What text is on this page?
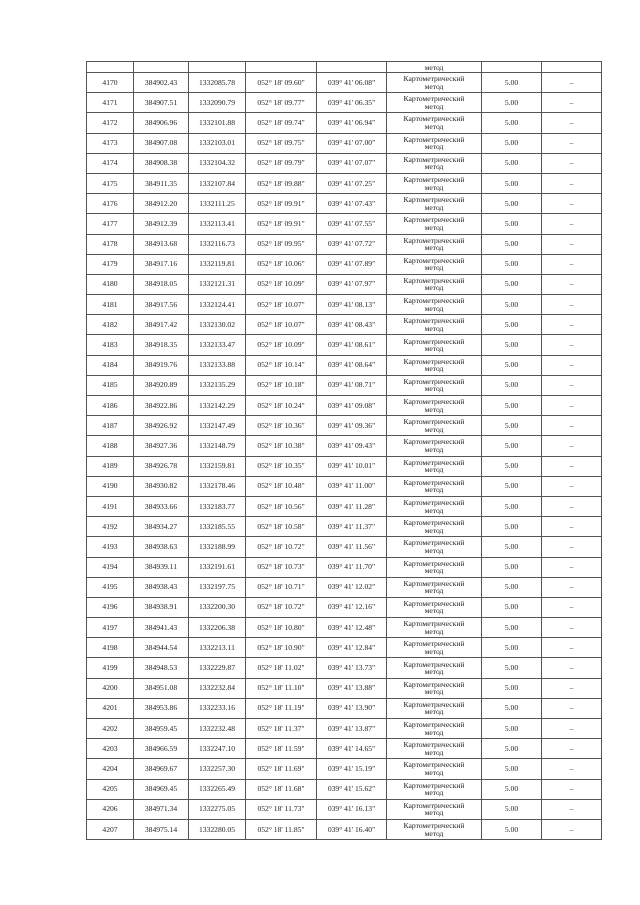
					метод		
4170	384902.43	1332085.78	052° 18' 09.60"	039° 41' 06.08"	Картометрический
метод	5.00	–
4171	384907.51	1332090.79	052° 18' 09.77"	039° 41' 06.35"	Картометрический
метод	5.00	–
4172	384906.96	1332101.88	052° 18' 09.74"	039° 41' 06.94"	Картометрический
метод	5.00	–
4173	384907.08	1332103.01	052° 18' 09.75"	039° 41' 07.00"	Картометрический
метод	5.00	–
4174	384908.38	1332104.32	052° 18' 09.79"	039° 41' 07.07"	Картометрический
метод	5.00	–
4175	384911.35	1332107.84	052° 18' 09.88"	039° 41' 07.25"	Картометрический
метод	5.00	–
4176	384912.20	1332111.25	052° 18' 09.91"	039° 41' 07.43"	Картометрический
метод	5.00	–
4177	384912.39	1332113.41	052° 18' 09.91"	039° 41' 07.55"	Картометрический
метод	5.00	–
4178	384913.68	1332116.73	052° 18' 09.95"	039° 41' 07.72"	Картометрический
метод	5.00	–
4179	384917.16	1332119.81	052° 18' 10.06"	039° 41' 07.89"	Картометрический
метод	5.00	–
4180	384918.05	1332121.31	052° 18' 10.09"	039° 41' 07.97"	Картометрический
метод	5.00	–
4181	384917.56	1332124.41	052° 18' 10.07"	039° 41' 08.13"	Картометрический
метод	5.00	–
4182	384917.42	1332130.02	052° 18' 10.07"	039° 41' 08.43"	Картометрический
метод	5.00	–
4183	384918.35	1332133.47	052° 18' 10.09"	039° 41' 08.61"	Картометрический
метод	5.00	–
4184	384919.76	1332133.88	052° 18' 10.14"	039° 41' 08.64"	Картометрический
метод	5.00	–
4185	384920.89	1332135.29	052° 18' 10.18"	039° 41' 08.71"	Картометрический
метод	5.00	–
4186	384922.86	1332142.29	052° 18' 10.24"	039° 41' 09.08"	Картометрический
метод	5.00	–
4187	384926.92	1332147.49	052° 18' 10.36"	039° 41' 09.36"	Картометрический
метод	5.00	–
4188	384927.36	1332148.79	052° 18' 10.38"	039° 41' 09.43"	Картометрический
метод	5.00	–
4189	384926.78	1332159.81	052° 18' 10.35"	039° 41' 10.01"	Картометрический
метод	5.00	–
4190	384930.82	1332178.46	052° 18' 10.48"	039° 41' 11.00"	Картометрический
метод	5.00	–
4191	384933.66	1332183.77	052° 18' 10.56"	039° 41' 11.28"	Картометрический
метод	5.00	–
4192	384934.27	1332185.55	052° 18' 10.58"	039° 41' 11.37"	Картометрический
метод	5.00	–
4193	384938.63	1332188.99	052° 18' 10.72"	039° 41' 11.56"	Картометрический
метод	5.00	–
4194	384939.11	1332191.61	052° 18' 10.73"	039° 41' 11.70"	Картометрический
метод	5.00	–
4195	384938.43	1332197.75	052° 18' 10.71"	039° 41' 12.02"	Картометрический
метод	5.00	–
4196	384938.91	1332200.30	052° 18' 10.72"	039° 41' 12.16"	Картометрический
метод	5.00	–
4197	384941.43	1332206.38	052° 18' 10.80"	039° 41' 12.48"	Картометрический
метод	5.00	–
4198	384944.54	1332213.11	052° 18' 10.90"	039° 41' 12.84"	Картометрический
метод	5.00	–
4199	384948.53	1332229.87	052° 18' 11.02"	039° 41' 13.73"	Картометрический
метод	5.00	–
4200	384951.08	1332232.84	052° 18' 11.10"	039° 41' 13.88"	Картометрический
метод	5.00	–
4201	384953.86	1332233.16	052° 18' 11.19"	039° 41' 13.90"	Картометрический
метод	5.00	–
4202	384959.45	1332232.48	052° 18' 11.37"	039° 41' 13.87"	Картометрический
метод	5.00	–
4203	384966.59	1332247.10	052° 18' 11.59"	039° 41' 14.65"	Картометрический
метод	5.00	–
4204	384969.67	1332257.30	052° 18' 11.69"	039° 41' 15.19"	Картометрический
метод	5.00	–
4205	384969.45	1332265.49	052° 18' 11.68"	039° 41' 15.62"	Картометрический
метод	5.00	–
4206	384971.34	1332275.05	052° 18' 11.73"	039° 41' 16.13"	Картометрический
метод	5.00	–
4207	384975.14	1332280.05	052° 18' 11.85"	039° 41' 16.40"	Картометрический
метод	5.00	–
